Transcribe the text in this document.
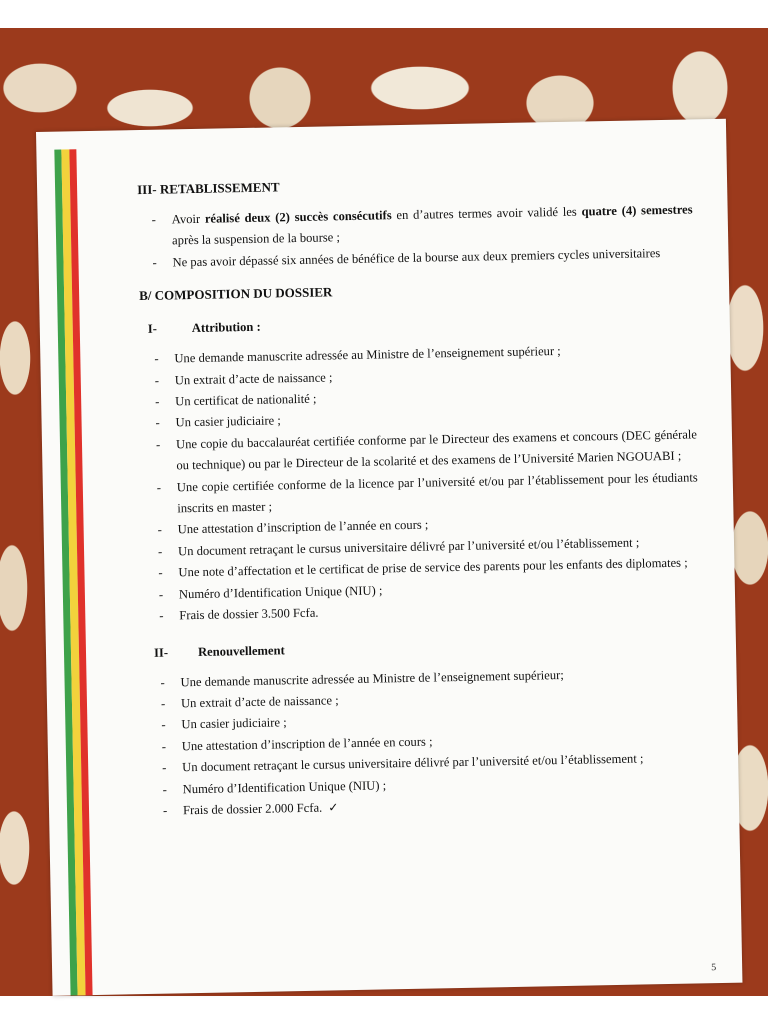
III- RETABLISSEMENT
- Avoir réalisé deux (2) succès consécutifs en d’autres termes avoir validé les quatre (4) semestres après la suspension de la bourse ;
- Ne pas avoir dépassé six années de bénéfice de la bourse aux deux premiers cycles universitaires
B/ COMPOSITION DU DOSSIER
I-	Attribution :
- Une demande manuscrite adressée au Ministre de l’enseignement supérieur ;
- Un extrait d’acte de naissance ;
- Un certificat de nationalité ;
- Un casier judiciaire ;
- Une copie du baccalauréat certifiée conforme par le Directeur des examens et concours (DEC générale ou technique) ou par le Directeur de la scolarité et des examens de l’Université Marien NGOUABI ;
- Une copie certifiée conforme de la licence par l’université et/ou par l’établissement pour les étudiants inscrits en master ;
- Une attestation d’inscription de l’année en cours ;
- Un document retraçant le cursus universitaire délivré par l’université et/ou l’établissement ;
- Une note d’affectation et le certificat de prise de service des parents pour les enfants des diplomates ;
- Numéro d’Identification Unique (NIU) ;
- Frais de dossier 3.500 Fcfa.
II- Renouvellement
- Une demande manuscrite adressée au Ministre de l’enseignement supérieur;
- Un extrait d’acte de naissance ;
- Un casier judiciaire ;
- Une attestation d’inscription de l’année en cours ;
- Un document retraçant le cursus universitaire délivré par l’université et/ou l’établissement ;
- Numéro d’Identification Unique (NIU) ;
- Frais de dossier 2.000 Fcfa. ✓
5
